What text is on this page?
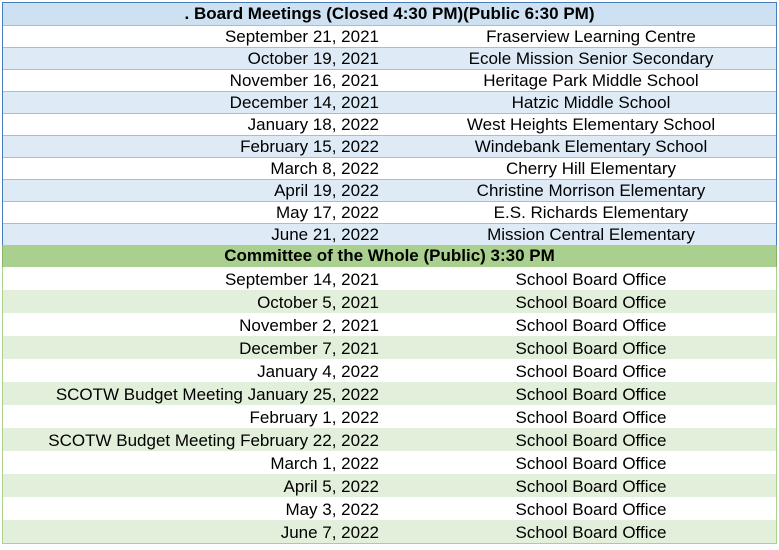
. Board Meetings (Closed 4:30 PM)(Public 6:30 PM)
September 21, 2021	Fraserview Learning Centre
October 19, 2021	Ecole Mission Senior Secondary
November 16, 2021	Heritage Park Middle School
December 14, 2021	Hatzic Middle School
January 18, 2022	West Heights Elementary School
February 15, 2022	Windebank Elementary School
March 8, 2022	Cherry Hill Elementary
April 19, 2022	Christine Morrison Elementary
May 17, 2022	E.S. Richards Elementary
June 21, 2022	Mission Central Elementary
Committee of the Whole (Public) 3:30 PM
September 14, 2021	School Board Office
October 5, 2021	School Board Office
November 2, 2021	School Board Office
December 7, 2021	School Board Office
January 4, 2022	School Board Office
SCOTW Budget Meeting January 25, 2022	School Board Office
February 1, 2022	School Board Office
SCOTW Budget Meeting February 22, 2022	School Board Office
March 1, 2022	School Board Office
April 5, 2022	School Board Office
May 3, 2022	School Board Office
June 7, 2022	School Board Office
